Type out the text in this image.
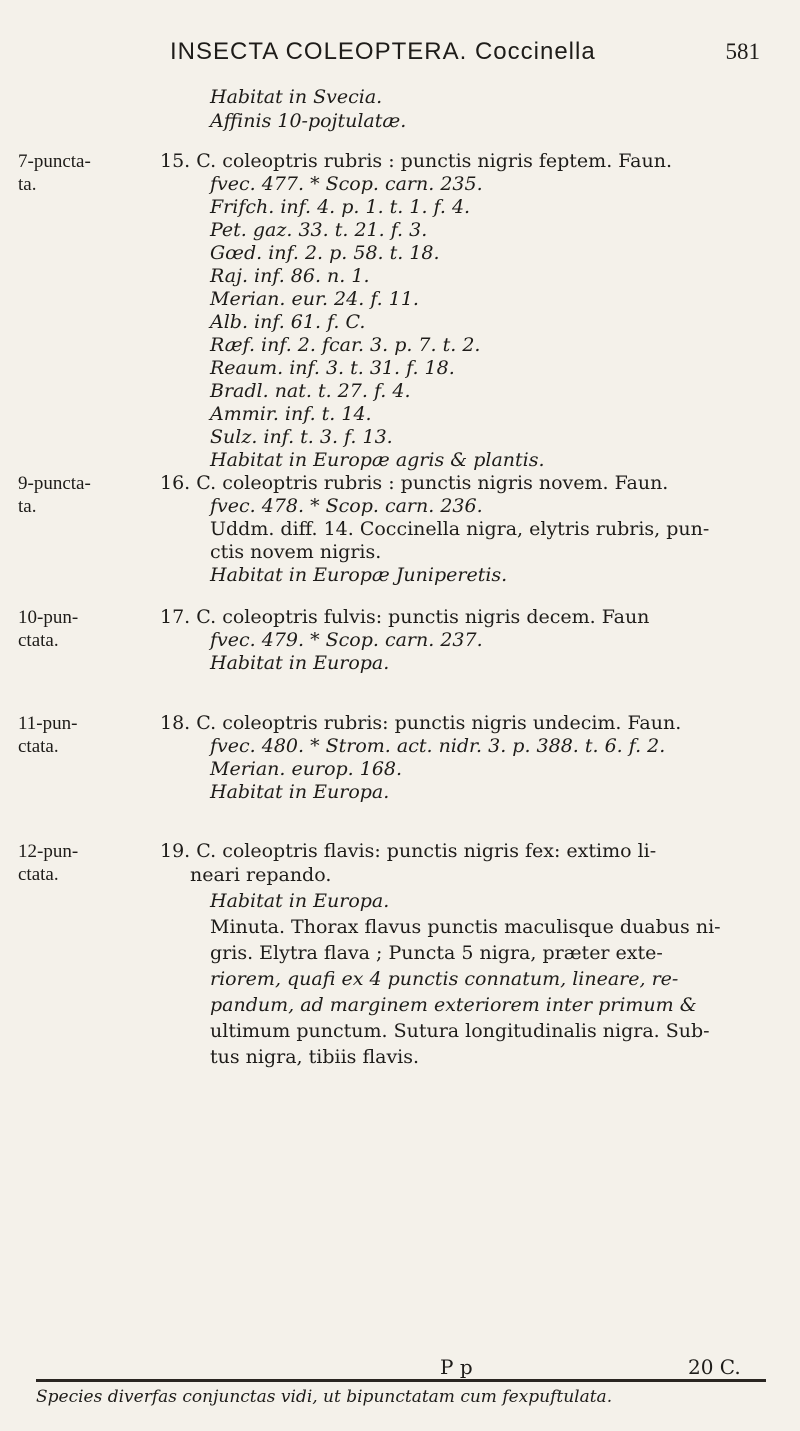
INSECTA COLEOPTERA. Coccinella	581
Habitat in Svecia.
Affinis 10-pojtulatæ.
7-puncta-
ta.
15. C. coleoptris rubris : punctis nigris feptem. Faun.
fvec. 477. * Scop. carn. 235.
Frifch. inf. 4. p. 1. t. 1. f. 4.
Pet. gaz. 33. t. 21. f. 3.
Gœd. inf. 2. p. 58. t. 18.
Raj. inf. 86. n. 1.
Merian. eur. 24. f. 11.
Alb. inf. 61. f. C.
Ræf. inf. 2. fcar. 3. p. 7. t. 2.
Reaum. inf. 3. t. 31. f. 18.
Bradl. nat. t. 27. f. 4.
Ammir. inf. t. 14.
Sulz. inf. t. 3. f. 13.
Habitat in Europæ agris & plantis.
9-puncta-
ta.
16. C. coleoptris rubris : punctis nigris novem. Faun.
fvec. 478. * Scop. carn. 236.
Uddm. diff. 14. Coccinella nigra, elytris rubris, pun-
ctis novem nigris.
Habitat in Europæ Juniperetis.
10-pun-
ctata.
17. C. coleoptris fulvis: punctis nigris decem. Faun
fvec. 479. * Scop. carn. 237.
Habitat in Europa.
11-pun-
ctata.
18. C. coleoptris rubris: punctis nigris undecim. Faun.
fvec. 480. * Strom. act. nidr. 3. p. 388. t. 6. f. 2.
Merian. europ. 168.
Habitat in Europa.
12-pun-
ctata.
19. C. coleoptris flavis: punctis nigris fex: extimo li-
neari repando.
Habitat in Europa.
Minuta. Thorax flavus punctis maculisque duabus ni-
gris. Elytra flava ; Puncta 5 nigra, præter exte-
riorem, quafi ex 4 punctis connatum, lineare, re-
pandum, ad marginem exteriorem inter primum &
ultimum punctum. Sutura longitudinalis nigra. Sub-
tus nigra, tibiis flavis.
P p	20 C.
Species diverfas conjunctas vidi, ut bipunctatam cum fexpuftulata.
